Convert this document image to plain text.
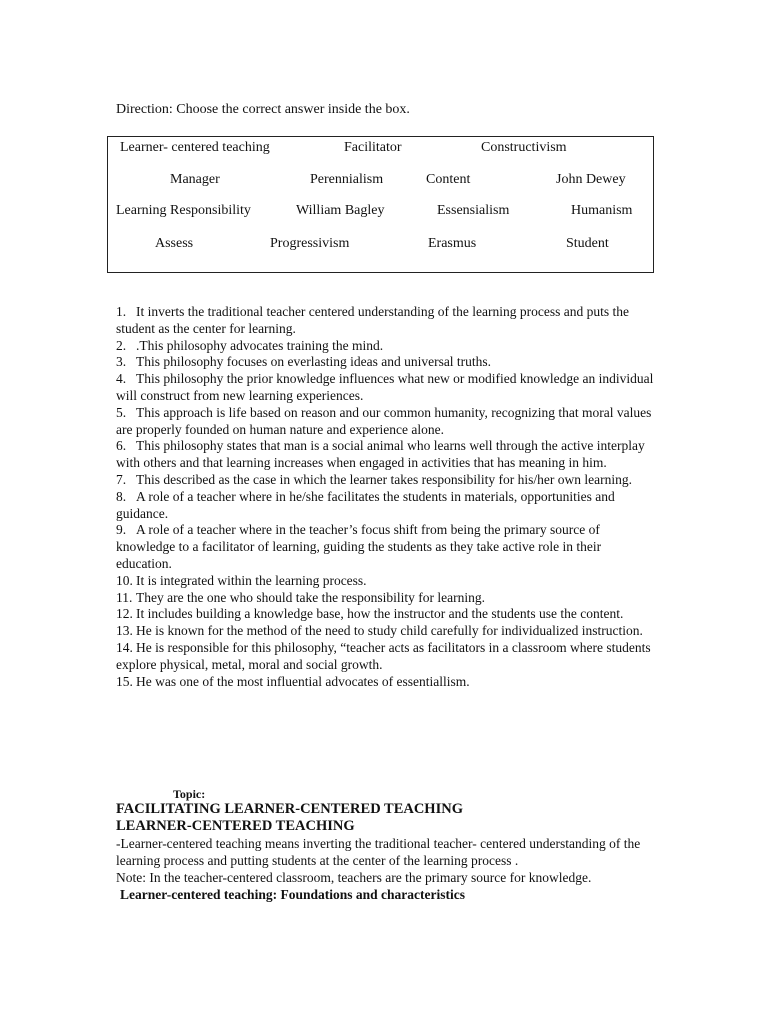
Direction: Choose the correct answer inside the box.
Learner- centered teaching	Facilitator	Constructivism
Manager	Perennialism	Content	John Dewey
Learning Responsibility	William Bagley	Essensialism	Humanism
Assess	Progressivism	Erasmus	Student

1. It inverts the traditional teacher centered understanding of the learning process and puts the student as the center for learning.

2. .This philosophy advocates training the mind.

3. This philosophy focuses on everlasting ideas and universal truths.

4. This philosophy the prior knowledge influences what new or modified knowledge an individual will construct from new learning experiences.

5. This approach is life based on reason and our common humanity, recognizing that moral values are properly founded on human nature and experience alone.

6. This philosophy states that man is a social animal who learns well through the active interplay with others and that learning increases when engaged in activities that has meaning in him.

7. This described as the case in which the learner takes responsibility for his/her own learning.

8. A role of a teacher where in he/she facilitates the students in materials, opportunities and guidance.

9. A role of a teacher where in the teacher’s focus shift from being the primary source of knowledge to a facilitator of learning, guiding the students as they take active role in their education.

10. It is integrated within the learning process.

11. They are the one who should take the responsibility for learning.

12. It includes building a knowledge base, how the instructor and the students use the content.

13. He is known for the method of the need to study child carefully for individualized instruction.

14. He is responsible for this philosophy, “teacher acts as facilitators in a classroom where students explore physical, metal, moral and social growth.

15. He was one of the most influential advocates of essentiallism.

Topic:

FACILITATING LEARNER-CENTERED TEACHING

LEARNER-CENTERED TEACHING

-Learner-centered teaching means inverting the traditional teacher- centered understanding of the learning process and putting students at the center of the learning process .

Note: In the teacher-centered classroom, teachers are the primary source for knowledge.

Learner-centered teaching: Foundations and characteristics
